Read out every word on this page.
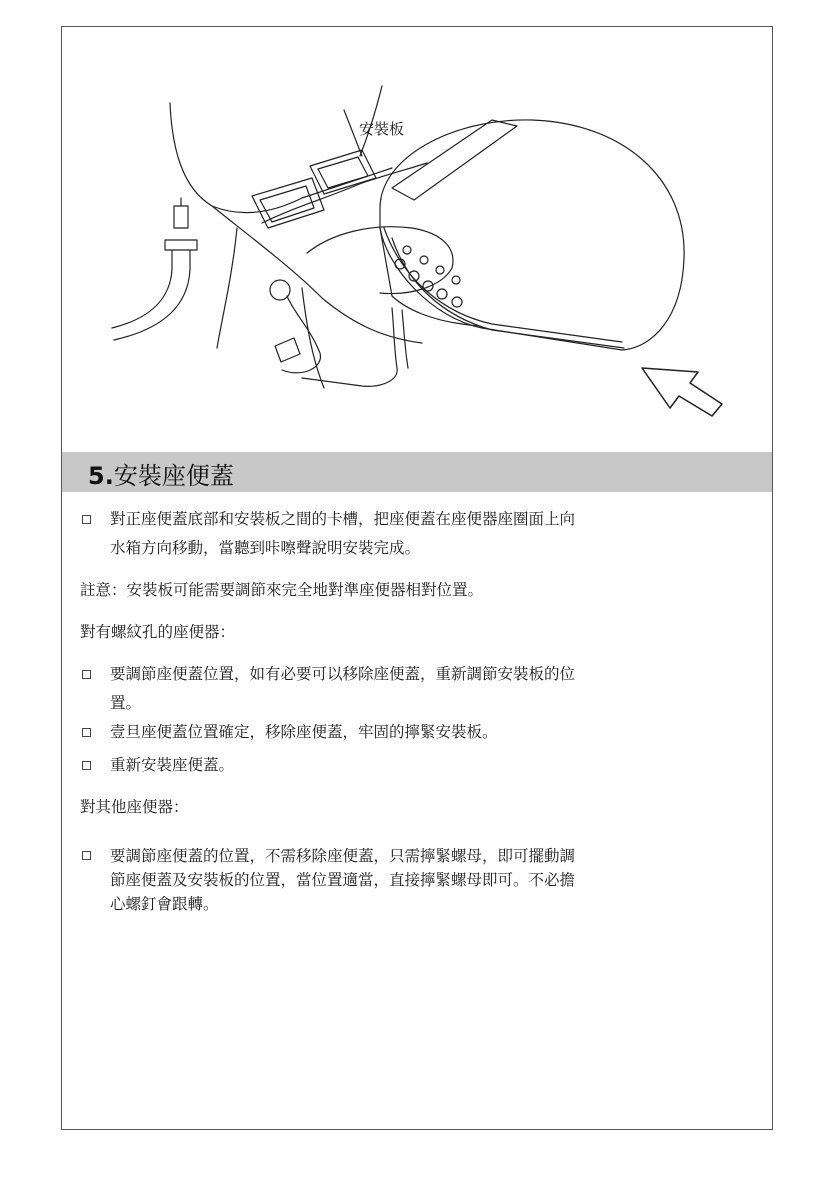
安裝板
5.安裝座便蓋
對正座便蓋底部和安裝板之間的卡槽，把座便蓋在座便器座圈面上向
水箱方向移動，當聽到咔嚓聲說明安裝完成。
註意：安裝板可能需要調節來完全地對準座便器相對位置。
對有螺紋孔的座便器：
要調節座便蓋位置，如有必要可以移除座便蓋，重新調節安裝板的位
置。
壹旦座便蓋位置確定，移除座便蓋，牢固的擰緊安裝板。
重新安裝座便蓋。
對其他座便器：
要調節座便蓋的位置，不需移除座便蓋，只需擰緊螺母，即可擺動調
節座便蓋及安裝板的位置，當位置適當，直接擰緊螺母即可。不必擔
心螺釘會跟轉。
